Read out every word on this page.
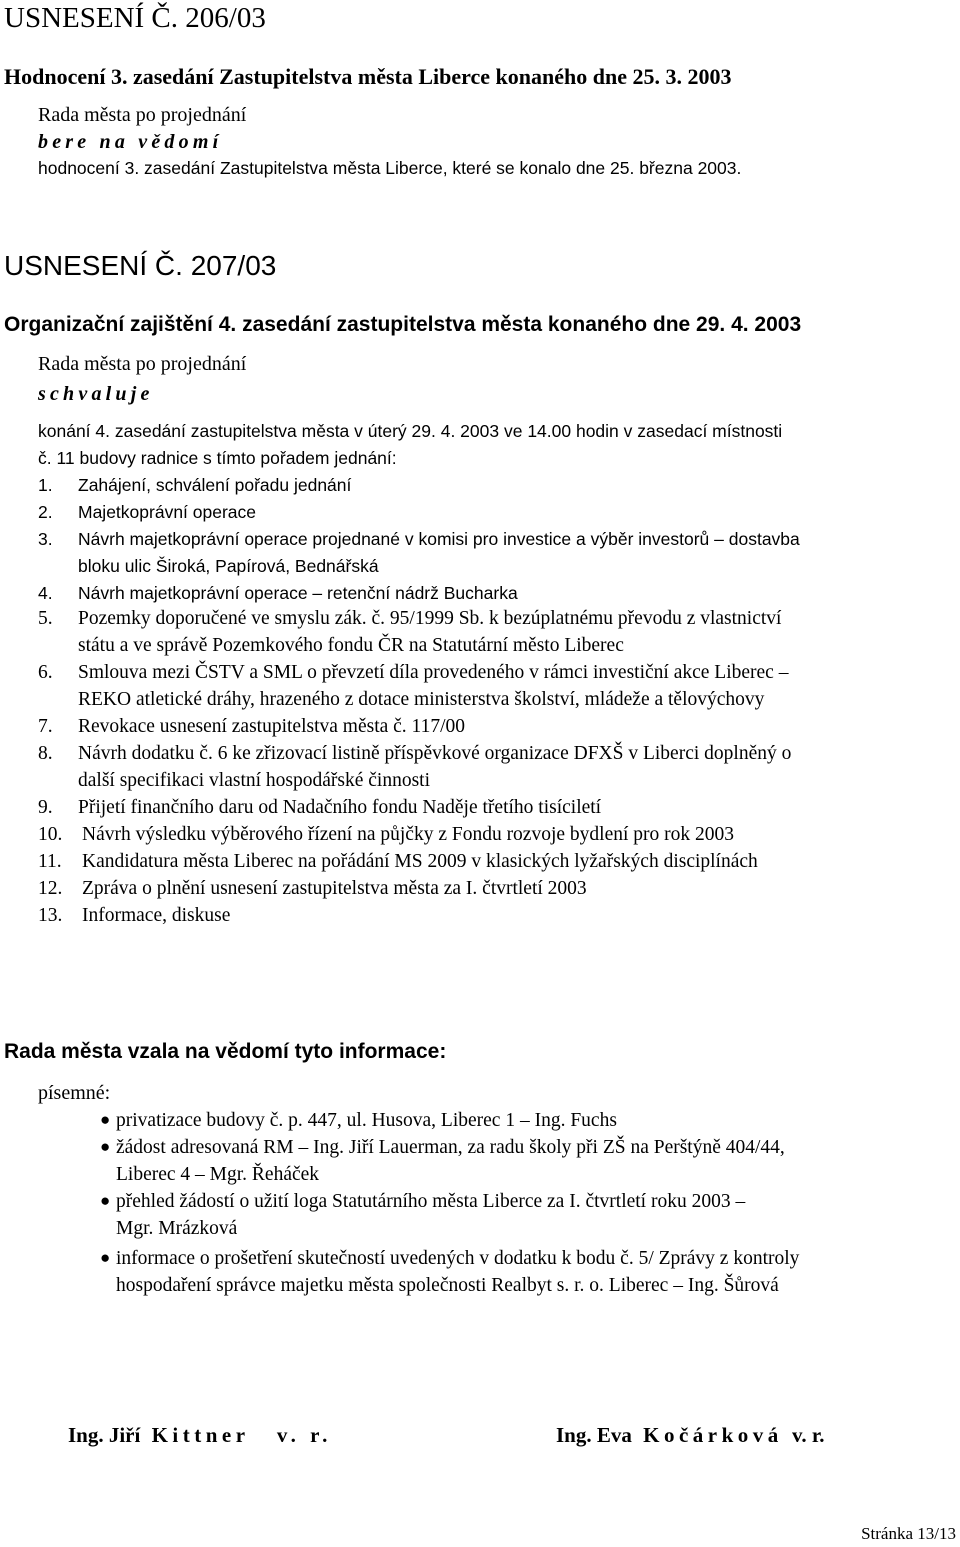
USNESENÍ Č. 206/03
Hodnocení 3. zasedání Zastupitelstva města Liberce konaného dne 25. 3. 2003
Rada města po projednání
bere na vědomí
hodnocení 3. zasedání Zastupitelstva města Liberce, které se konalo dne 25. března 2003.
USNESENÍ Č. 207/03
Organizační zajištění 4. zasedání zastupitelstva města konaného dne 29. 4. 2003
Rada města po projednání
schvaluje
konání 4. zasedání zastupitelstva města v úterý 29. 4. 2003 ve 14.00 hodin v zasedací místnosti
č. 11 budovy radnice s tímto pořadem jednání:
1. Zahájení, schválení pořadu jednání
2. Majetkoprávní operace
3. Návrh majetkoprávní operace projednané v komisi pro investice a výběr investorů – dostavba
bloku ulic Široká, Papírová, Bednářská
4. Návrh majetkoprávní operace – retenční nádrž Bucharka
5. Pozemky doporučené ve smyslu zák. č. 95/1999 Sb. k bezúplatnému převodu z vlastnictví
státu a ve správě Pozemkového fondu ČR na Statutární město Liberec
6. Smlouva mezi ČSTV a SML o převzetí díla provedeného v rámci investiční akce Liberec –
REKO atletické dráhy, hrazeného z dotace ministerstva školství, mládeže a tělovýchovy
7. Revokace usnesení zastupitelstva města č. 117/00
8. Návrh dodatku č. 6 ke zřizovací listině příspěvkové organizace DFXŠ v Liberci doplněný o
další specifikaci vlastní hospodářské činnosti
9. Přijetí finančního daru od Nadačního fondu Naděje třetího tisíciletí
10. Návrh výsledku výběrového řízení na půjčky z Fondu rozvoje bydlení pro rok 2003
11. Kandidatura města Liberec na pořádání MS 2009 v klasických lyžařských disciplínách
12. Zpráva o plnění usnesení zastupitelstva města za I. čtvrtletí 2003
13. Informace, diskuse
Rada města vzala na vědomí tyto informace:
písemné:
● privatizace budovy č. p. 447, ul. Husova, Liberec 1 – Ing. Fuchs
● žádost adresovaná RM – Ing. Jiří Lauerman, za radu školy při ZŠ na Perštýně 404/44,
Liberec 4 – Mgr. Řeháček
● přehled žádostí o užití loga Statutárního města Liberce za I. čtvrtletí roku 2003 –
Mgr. Mrázková
● informace o prošetření skutečností uvedených v dodatku k bodu č. 5/ Zprávy z kontroly
hospodaření správce majetku města společnosti Realbyt s. r. o. Liberec – Ing. Šůrová
Ing. Jiří Kittner v. r.	Ing. Eva Kočárková v. r.
Stránka 13/13
